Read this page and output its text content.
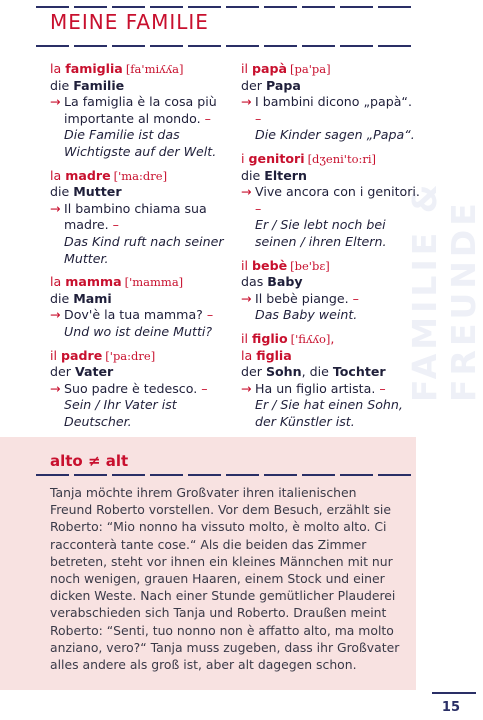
MEINE FAMILIE
FAMILIE & FREUNDE
la famiglia [fa'miʎʎa]
die Familie
→ La famiglia è la cosa più importante al mondo. –
Die Familie ist das Wichtigste auf der Welt.
la madre ['ma:dre]
die Mutter
→ Il bambino chiama sua madre. –
Das Kind ruft nach seiner Mutter.
la mamma ['mamma]
die Mami
→ Dov'è la tua mamma? –
Und wo ist deine Mutti?
il padre ['pa:dre]
der Vater
→ Suo padre è tedesco. –
Sein / Ihr Vater ist Deutscher.
il papà [pa'pa]
der Papa
→ I bambini dicono „papà“. –
Die Kinder sagen „Papa“.
i genitori [dʒeni'to:ri]
die Eltern
→ Vive ancora con i genitori. –
Er / Sie lebt noch bei seinen / ihren Eltern.
il bebè [be'bɛ]
das Baby
→ Il bebè piange. –
Das Baby weint.
il figlio ['fiʎʎo],
la figlia
der Sohn, die Tochter
→ Ha un figlio artista. –
Er / Sie hat einen Sohn, der Künstler ist.
alto ≠ alt
Tanja möchte ihrem Großvater ihren italienischen Freund Roberto vorstellen. Vor dem Besuch, erzählt sie Roberto: “Mio nonno ha vissuto molto, è molto alto. Ci racconterà tante cose.“ Als die beiden das Zimmer betreten, steht vor ihnen ein kleines Männchen mit nur noch wenigen, grauen Haaren, einem Stock und einer dicken Weste. Nach einer Stunde gemütlicher Plauderei verabschieden sich Tanja und Roberto. Draußen meint Roberto: “Senti, tuo nonno non è affatto alto, ma molto anziano, vero?“ Tanja muss zugeben, dass ihr Großvater alles andere als groß ist, aber alt dagegen schon.
15
